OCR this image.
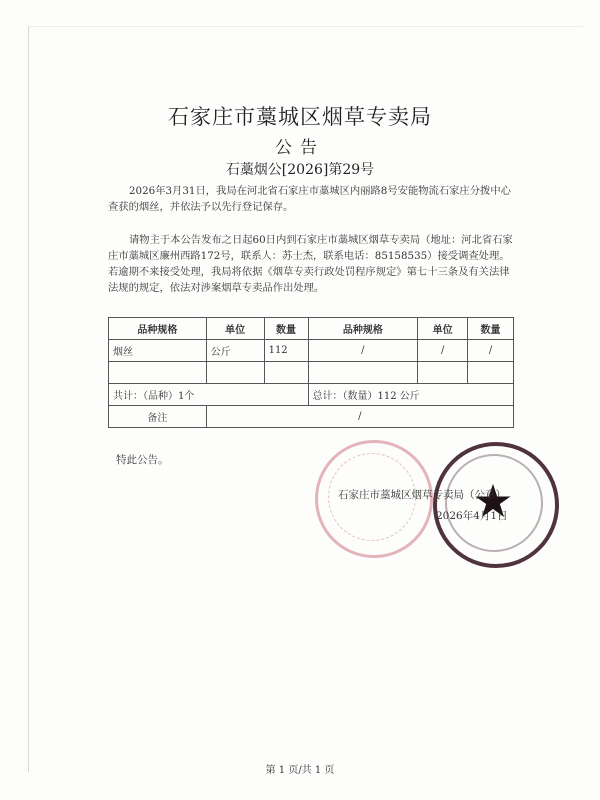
石家庄市藁城区烟草专卖局
公告
石藁烟公[2026]第29号

2026年3月31日，我局在河北省石家庄市藁城区内丽路8号安能物流石家庄分拨中心查获的烟丝，并依法予以先行登记保存。

请物主于本公告发布之日起60日内到石家庄市藁城区烟草专卖局（地址：河北省石家庄市藁城区廉州西路172号，联系人：苏士杰，联系电话：85158535）接受调查处理。若逾期不来接受处理，我局将依据《烟草专卖行政处罚程序规定》第七十三条及有关法律法规的规定，依法对涉案烟草专卖品作出处理。

品种规格	单位	数量	品种规格	单位	数量
烟丝	公斤	112	/	/	/

共计：（品种）1个			总计：（数量）112 公斤		
备注	/				
特此公告。
石家庄市藁城区烟草专卖局（公章）
2026年4月1日
第 1 页/共 1 页
